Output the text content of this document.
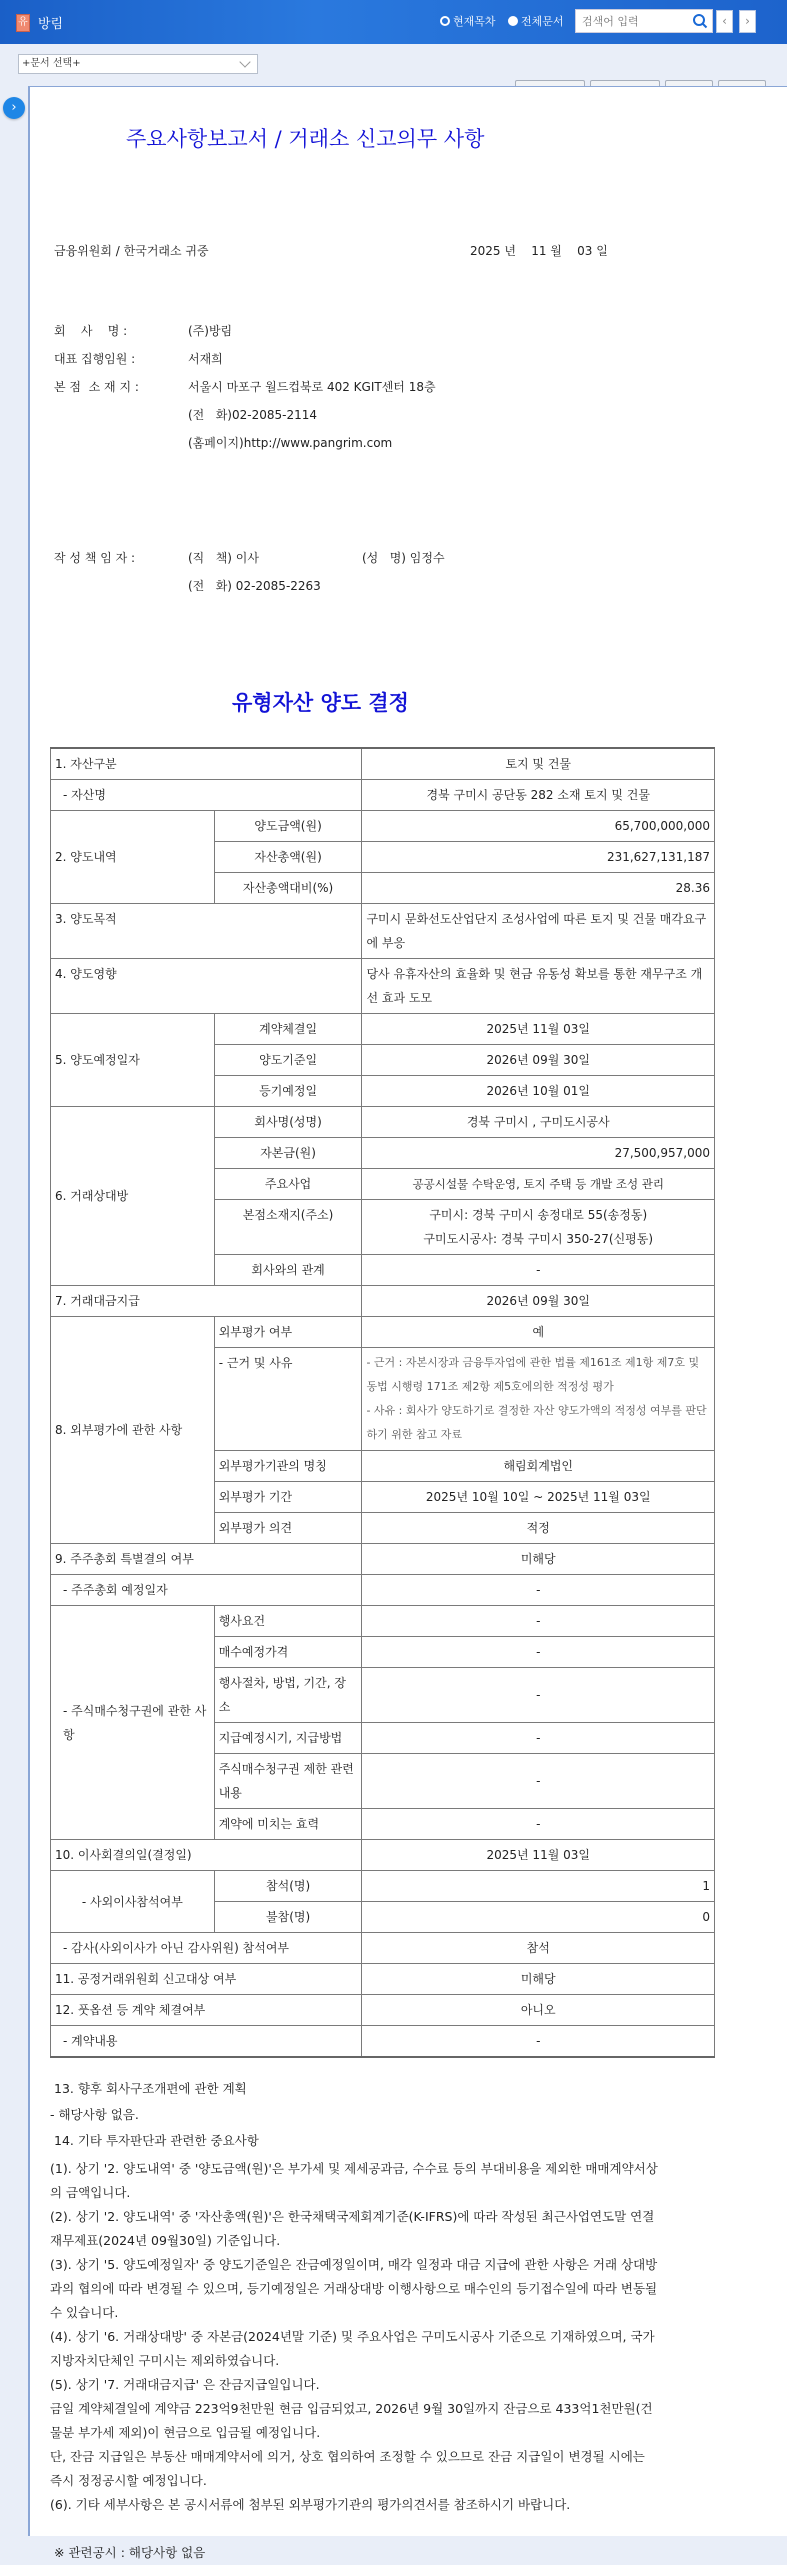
유 방림	현재목차 전체문서
검색어 입력	‹	›
+문서 선택+
주요사항보고서 / 거래소 신고의무 사항
금융위원회 / 한국거래소 귀중	2025 년    11 월    03 일
회    사    명 :	(주)방림
대표 집행임원 :	서재희
본 점  소 재 지 :	서울시 마포구 월드컵북로 402 KGIT센터 18층
(전   화)02-2085-2114
(홈페이지)http://www.pangrim.com
작 성 책 임 자 :	(직   책) 이사	(성   명) 임정수
(전   화) 02-2085-2263
유형자산 양도 결정
1. 자산구분		토지 및 건물
- 자산명		경북 구미시 공단동 282 소재 토지 및 건물
2. 양도내역	양도금액(원)	65,700,000,000
	자산총액(원)	231,627,131,187
	자산총액대비(%)	28.36
3. 양도목적		구미시 문화선도산업단지 조성사업에 따른 토지 및 건물 매각요구에 부응
4. 양도영향		당사 유휴자산의 효율화 및 현금 유동성 확보를 통한 재무구조 개선 효과 도모
5. 양도예정일자	계약체결일	2025년 11월 03일
	양도기준일	2026년 09월 30일
	등기예정일	2026년 10월 01일
6. 거래상대방	회사명(성명)	경북 구미시 , 구미도시공사
	자본금(원)	27,500,957,000
	주요사업	공공시설물 수탁운영, 토지 주택 등 개발 조성 관리
	본점소재지(주소)	구미시: 경북 구미시 송정대로 55(송정동)
구미도시공사: 경북 구미시 350-27(신평동)

	회사와의 관계	-
7. 거래대금지급		2026년 09월 30일
8. 외부평가에 관한 사항	외부평가 여부	예
	- 근거 및 사유	- 근거 : 자본시장과 금융투자업에 관한 법률 제161조 제1항 제7호 및 동법 시행령 171조 제2항 제5호에의한 적정성 평가
- 사유 : 회사가 양도하기로 결정한 자산 양도가액의 적정성 여부를 판단하기 위한 참고 자료

	외부평가기관의 명칭	해림회계법인
	외부평가 기간	2025년 10월 10일 ~ 2025년 11월 03일
	외부평가 의견	적정
9. 주주총회 특별결의 여부		미해당
- 주주총회 예정일자		-
- 주식매수청구권에 관한 사항	행사요건	-
	매수예정가격	-
	행사절차, 방법, 기간, 장소	-
	지급예정시기, 지급방법	-
	주식매수청구권 제한 관련 내용	-
	계약에 미치는 효력	-
10. 이사회결의일(결정일)		2025년 11월 03일
- 사외이사참석여부	참석(명)	1
	불참(명)	0
- 감사(사외이사가 아닌 감사위원) 참석여부		참석
11. 공정거래위원회 신고대상 여부		미해당
12. 풋옵션 등 계약 체결여부		아니오
- 계약내용		-

13. 향후 회사구조개편에 관한 계획

- 해당사항 없음.

14. 기타 투자판단과 관련한 중요사항

(1). 상기 '2. 양도내역' 중 '양도금액(원)'은 부가세 및 제세공과금, 수수료 등의 부대비용을 제외한 매매계약서상의 금액입니다.

(2). 상기 '2. 양도내역' 중 '자산총액(원)'은 한국채택국제회계기준(K-IFRS)에 따라 작성된 최근사업연도말 연결재무제표(2024년 09월30일) 기준입니다.

(3). 상기 '5. 양도예정일자' 중 양도기준일은 잔금예정일이며, 매각 일정과 대금 지급에 관한 사항은 거래 상대방과의 협의에 따라 변경될 수 있으며, 등기예정일은 거래상대방 이행사항으로 매수인의 등기접수일에 따라 변동될 수 있습니다.

(4). 상기 '6. 거래상대방' 중 자본금(2024년말 기준) 및 주요사업은 구미도시공사 기준으로 기재하였으며, 국가지방자치단체인 구미시는 제외하였습니다.

(5). 상기 '7. 거래대금지급' 은 잔금지급일입니다.

금일 계약체결일에 계약금 223억9천만원 현금 입금되었고, 2026년 9월 30일까지 잔금으로 433억1천만원(건물분 부가세 제외)이 현금으로 입금될 예정입니다.

단, 잔금 지급일은 부동산 매매계약서에 의거, 상호 협의하여 조정할 수 있으므로 잔금 지급일이 변경될 시에는 즉시 정정공시할 예정입니다.

(6). 기타 세부사항은 본 공시서류에 첨부된 외부평가기관의 평가의견서를 참조하시기 바랍니다.

※ 관련공시 : 해당사항 없음

›
